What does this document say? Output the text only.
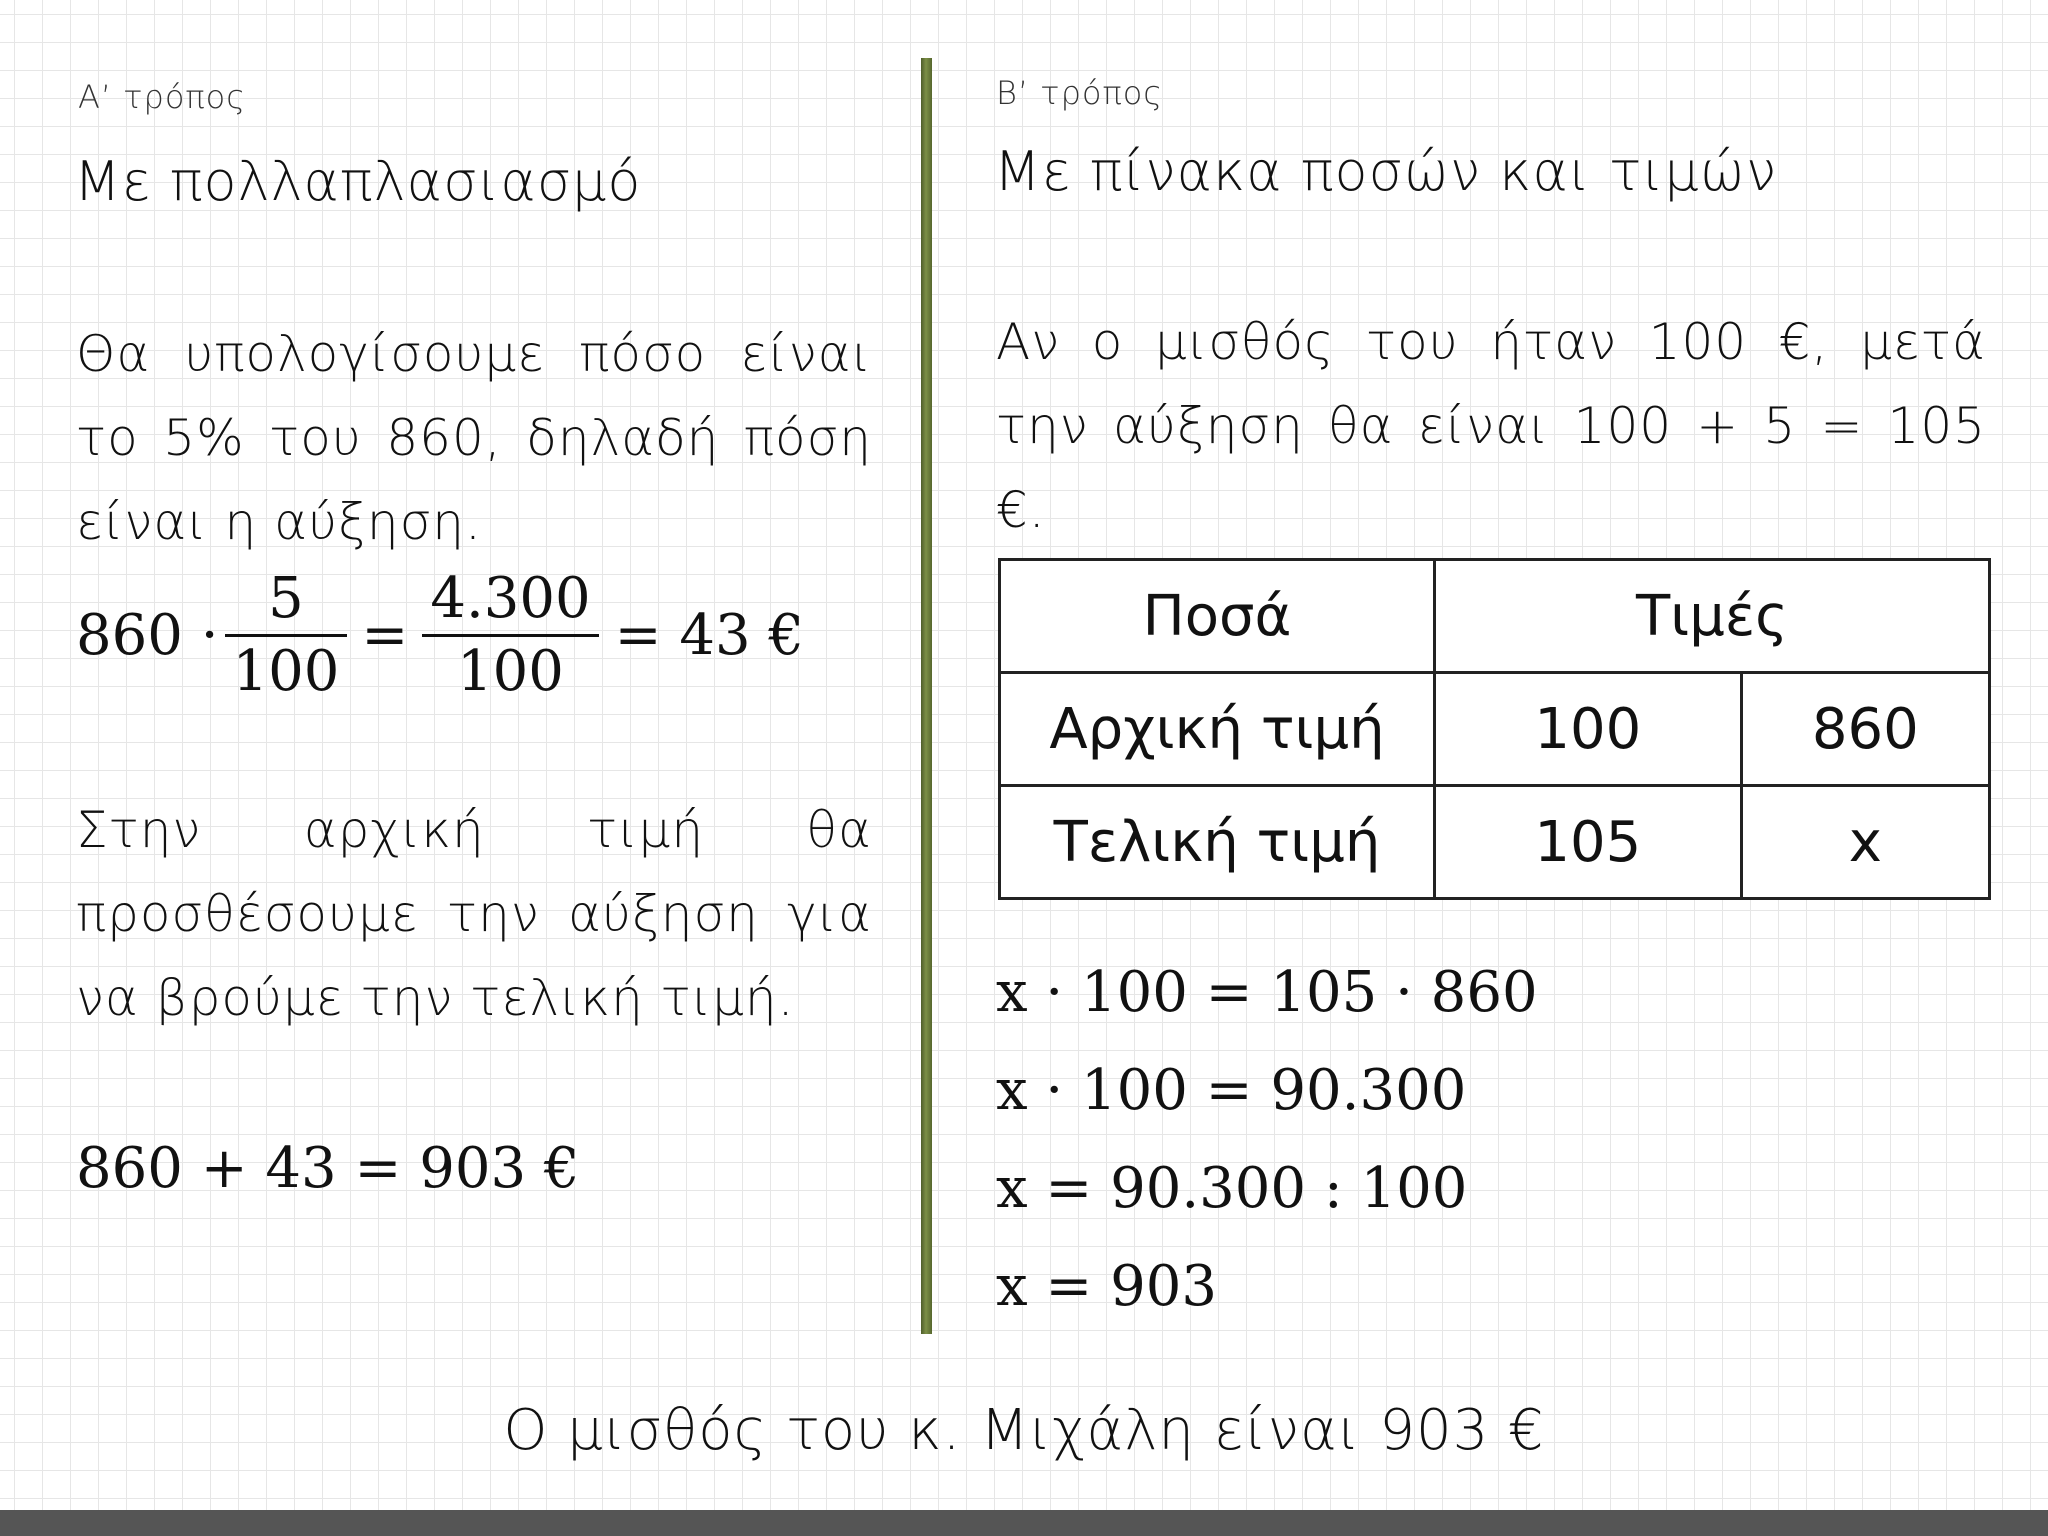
Α’ τρόπος
Με πολλαπλασιασμό
Θα υπολογίσουμε πόσο είναι το 5% του 860, δηλαδή πόση είναι η αύξηση.
$860 \cdot \frac{5}{100} = \frac{4.300}{100} = 43$ €
Στην αρχική τιμή θα προσθέσουμε την αύξηση για να βρούμε την τελική τιμή.
860 + 43 = 903 €
Β’ τρόπος
Με πίνακα ποσών και τιμών
Αν ο μισθός του ήταν 100 €, μετά την αύξηση θα είναι 100 + 5 = 105 €.
Ποσά	Τιμές	
Αρχική τιμή	100	860
Τελική τιμή	105	x
x · 100 = 105 · 860
x · 100 = 90.300
x = 90.300 : 100
x = 903
Ο μισθός του κ. Μιχάλη είναι 903 €
